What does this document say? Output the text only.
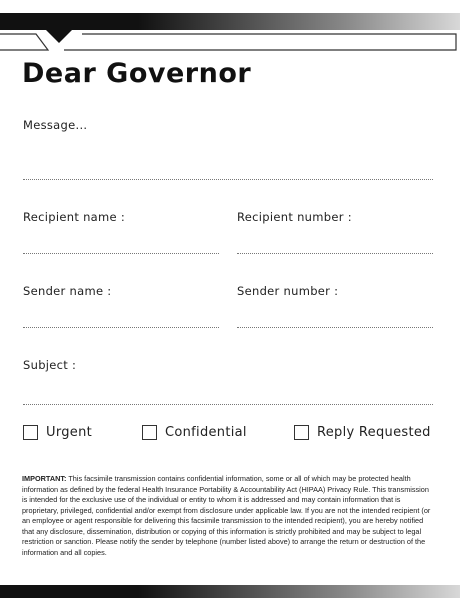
Dear Governor
Message...
Recipient name :	Recipient number :
Sender name :	Sender number :
Subject :
Urgent	Confidential	Reply Requested

IMPORTANT: This facsimile transmission contains confidential information, some or all of which may be protected health information as defined by the federal Health Insurance Portability & Accountability Act (HIPAA) Privacy Rule. This transmission is intended for the exclusive use of the individual or entity to whom it is addressed and may contain information that is proprietary, privileged, confidential and/or exempt from disclosure under applicable law. If you are not the intended recipient (or an employee or agent responsible for delivering this facsimile transmission to the intended recipient), you are hereby notified that any disclosure, dissemination, distribution or copying of this information is strictly prohibited and may be subject to legal restriction or sanction. Please notify the sender by telephone (number listed above) to arrange the return or destruction of the information and all copies.
